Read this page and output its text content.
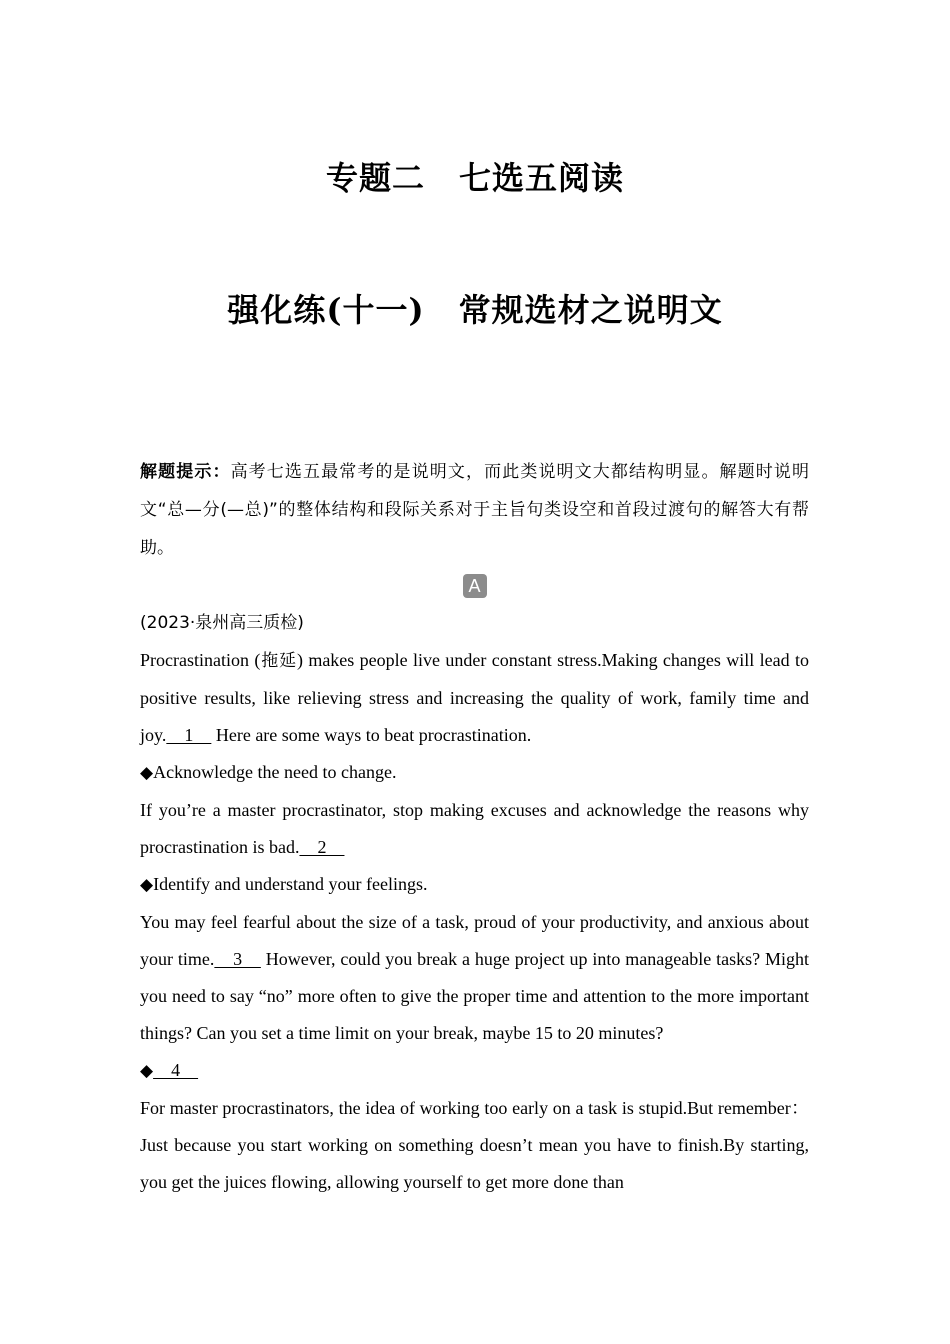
专题二 七选五阅读
强化练(十一) 常规选材之说明文

解题提示：高考七选五最常考的是说明文，而此类说明文大都结构明显。解题时说明文“总—分(—总)”的整体结构和段际关系对于主旨句类设空和首段过渡句的解答大有帮助。

A

(2023·泉州高三质检)

Procrastination (拖延) makes people live under constant stress.Making changes will lead to positive results, like relieving stress and increasing the quality of work, family time and joy.　1　 Here are some ways to beat procrastination.

◆Acknowledge the need to change.

If you’re a master procrastinator, stop making excuses and acknowledge the reasons why procrastination is bad.　2　

◆Identify and understand your feelings.

You may feel fearful about the size of a task, proud of your productivity, and anxious about your time.　3　 However, could you break a huge project up into manageable tasks? Might you need to say “no” more often to give the proper time and attention to the more important things? Can you set a time limit on your break, maybe 15 to 20 minutes?

◆　4　

For master procrastinators, the idea of working too early on a task is stupid.But remember：Just because you start working on something doesn’t mean you have to finish.By starting, you get the juices flowing, allowing yourself to get more done than
